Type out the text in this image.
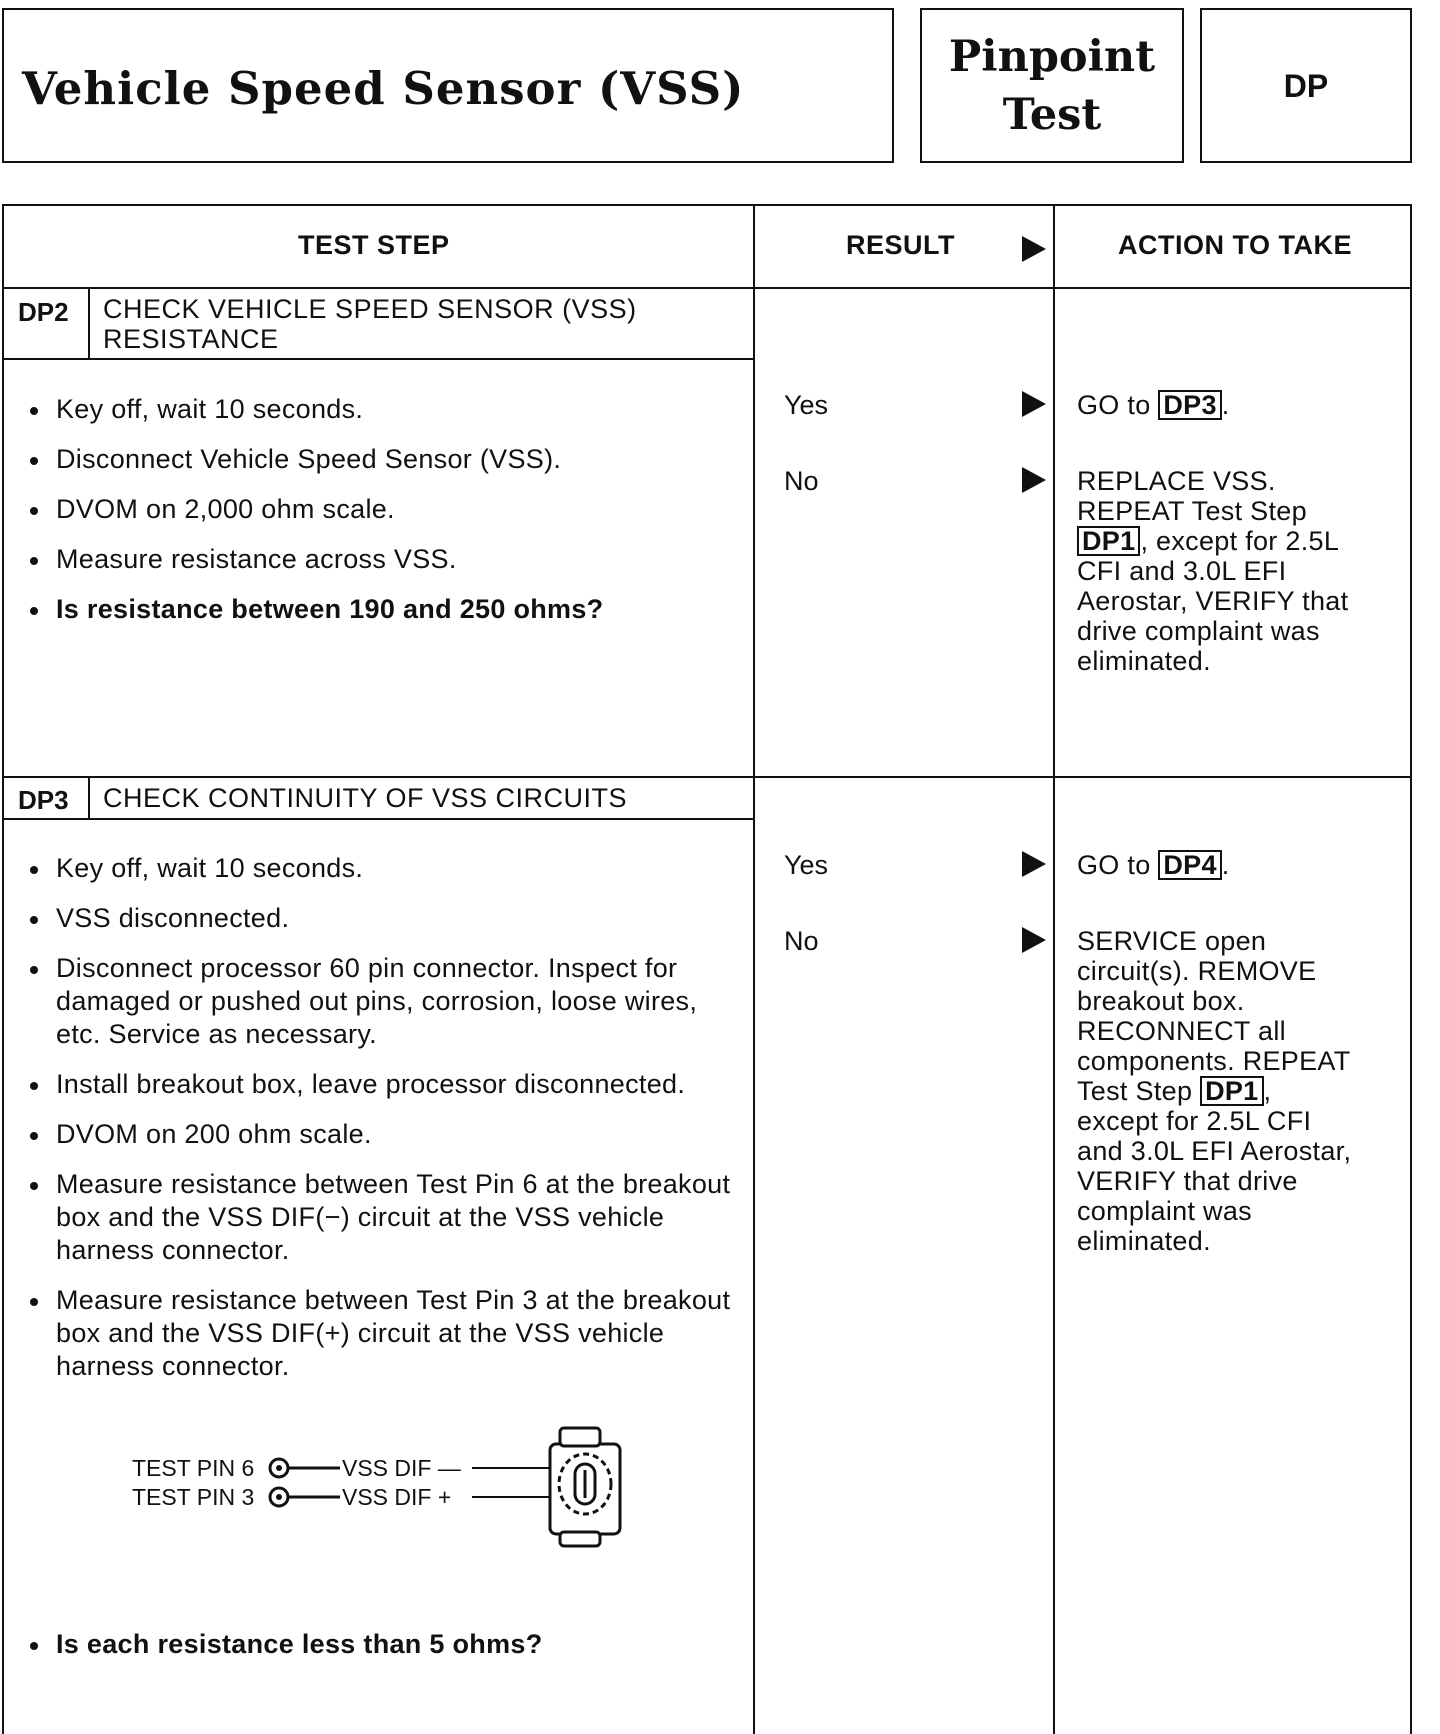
Vehicle Speed Sensor (VSS)
Pinpoint
Test
DP
TEST STEP	RESULT	ACTION TO TAKE
DP2 CHECK VEHICLE SPEED SENSOR (VSS)
RESISTANCE
Key off, wait 10 seconds.
Disconnect Vehicle Speed Sensor (VSS).
DVOM on 2,000 ohm scale.
Measure resistance across VSS.
Is resistance between 190 and 250 ohms?
Yes
No
GO to DP3 .
REPLACE VSS.
REPEAT Test Step
DP1 , except for 2.5L
CFI and 3.0L EFI
Aerostar, VERIFY that
drive complaint was
eliminated.
DP3 CHECK CONTINUITY OF VSS CIRCUITS
Key off, wait 10 seconds.
VSS disconnected.
Disconnect processor 60 pin connector. Inspect for damaged or pushed out pins, corrosion, loose wires, etc. Service as necessary.
Install breakout box, leave processor disconnected.
DVOM on 200 ohm scale.
Measure resistance between Test Pin 6 at the breakout box and the VSS DIF(−) circuit at the VSS vehicle harness connector.
Measure resistance between Test Pin 3 at the breakout box and the VSS DIF(+) circuit at the VSS vehicle harness connector.
Is each resistance less than 5 ohms?
TEST PIN 6
TEST PIN 3
VSS DIF —
VSS DIF +
Yes
No
GO to DP4 .
SERVICE open
circuit(s). REMOVE
breakout box.
RECONNECT all
components. REPEAT
Test Step DP1 ,
except for 2.5L CFI
and 3.0L EFI Aerostar,
VERIFY that drive
complaint was
eliminated.
